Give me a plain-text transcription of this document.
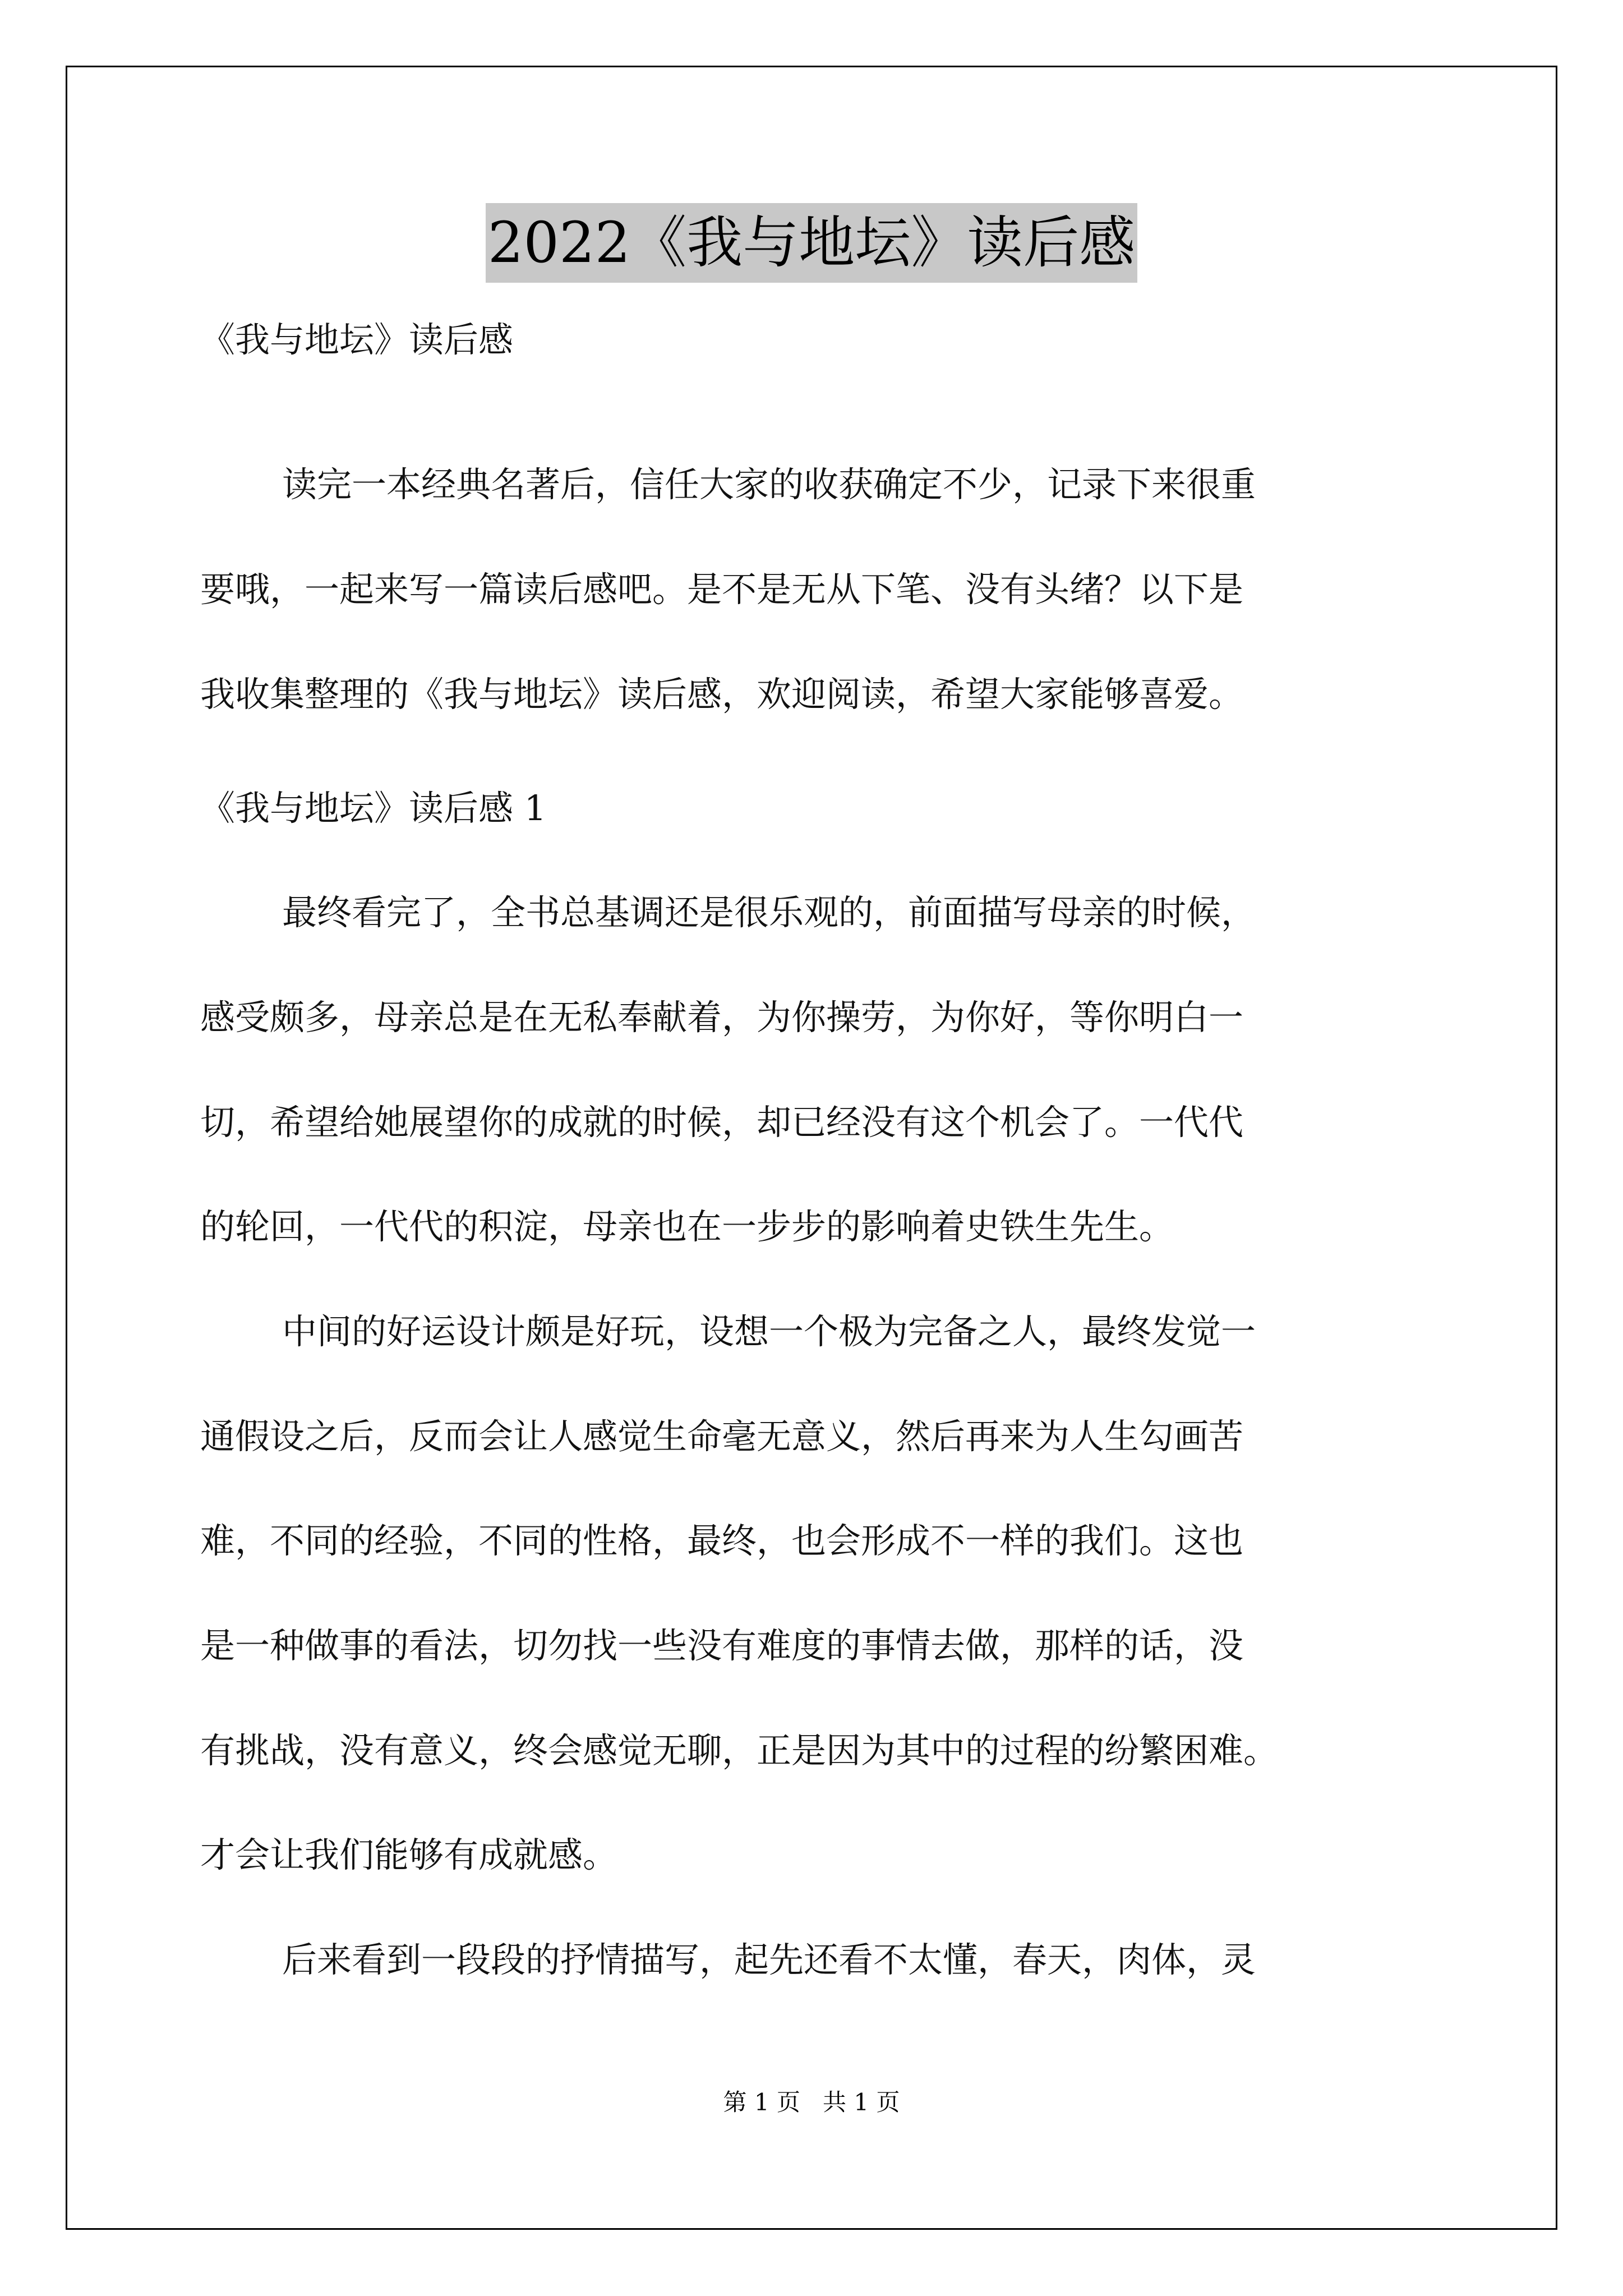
2022《我与地坛》读后感
《我与地坛》读后感
读完一本经典名著后，信任大家的收获确定不少，记录下来很重
要哦，一起来写一篇读后感吧。是不是无从下笔、没有头绪？以下是
我收集整理的《我与地坛》读后感，欢迎阅读，希望大家能够喜爱。
《我与地坛》读后感 1
最终看完了，全书总基调还是很乐观的，前面描写母亲的时候，
感受颇多，母亲总是在无私奉献着，为你操劳，为你好，等你明白一
切，希望给她展望你的成就的时候，却已经没有这个机会了。一代代
的轮回，一代代的积淀，母亲也在一步步的影响着史铁生先生。
中间的好运设计颇是好玩，设想一个极为完备之人，最终发觉一
通假设之后，反而会让人感觉生命毫无意义，然后再来为人生勾画苦
难，不同的经验，不同的性格，最终，也会形成不一样的我们。这也
是一种做事的看法，切勿找一些没有难度的事情去做，那样的话，没
有挑战，没有意义，终会感觉无聊，正是因为其中的过程的纷繁困难。
才会让我们能够有成就感。
后来看到一段段的抒情描写，起先还看不太懂，春天，肉体，灵
第 1 页   共 1 页
